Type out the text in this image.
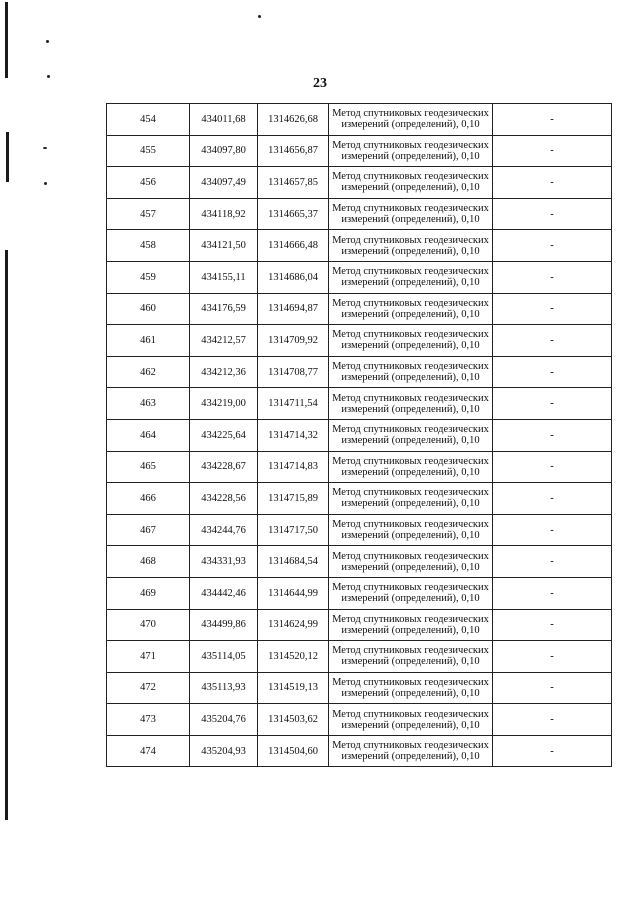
23
454	434011,68	1314626,68	Метод спутниковых геодезических измерений (определений), 0,10	-
455	434097,80	1314656,87	Метод спутниковых геодезических измерений (определений), 0,10	-
456	434097,49	1314657,85	Метод спутниковых геодезических измерений (определений), 0,10	-
457	434118,92	1314665,37	Метод спутниковых геодезических измерений (определений), 0,10	-
458	434121,50	1314666,48	Метод спутниковых геодезических измерений (определений), 0,10	-
459	434155,11	1314686,04	Метод спутниковых геодезических измерений (определений), 0,10	-
460	434176,59	1314694,87	Метод спутниковых геодезических измерений (определений), 0,10	-
461	434212,57	1314709,92	Метод спутниковых геодезических измерений (определений), 0,10	-
462	434212,36	1314708,77	Метод спутниковых геодезических измерений (определений), 0,10	-
463	434219,00	1314711,54	Метод спутниковых геодезических измерений (определений), 0,10	-
464	434225,64	1314714,32	Метод спутниковых геодезических измерений (определений), 0,10	-
465	434228,67	1314714,83	Метод спутниковых геодезических измерений (определений), 0,10	-
466	434228,56	1314715,89	Метод спутниковых геодезических измерений (определений), 0,10	-
467	434244,76	1314717,50	Метод спутниковых геодезических измерений (определений), 0,10	-
468	434331,93	1314684,54	Метод спутниковых геодезических измерений (определений), 0,10	-
469	434442,46	1314644,99	Метод спутниковых геодезических измерений (определений), 0,10	-
470	434499,86	1314624,99	Метод спутниковых геодезических измерений (определений), 0,10	-
471	435114,05	1314520,12	Метод спутниковых геодезических измерений (определений), 0,10	-
472	435113,93	1314519,13	Метод спутниковых геодезических измерений (определений), 0,10	-
473	435204,76	1314503,62	Метод спутниковых геодезических измерений (определений), 0,10	-
474	435204,93	1314504,60	Метод спутниковых геодезических измерений (определений), 0,10	-
